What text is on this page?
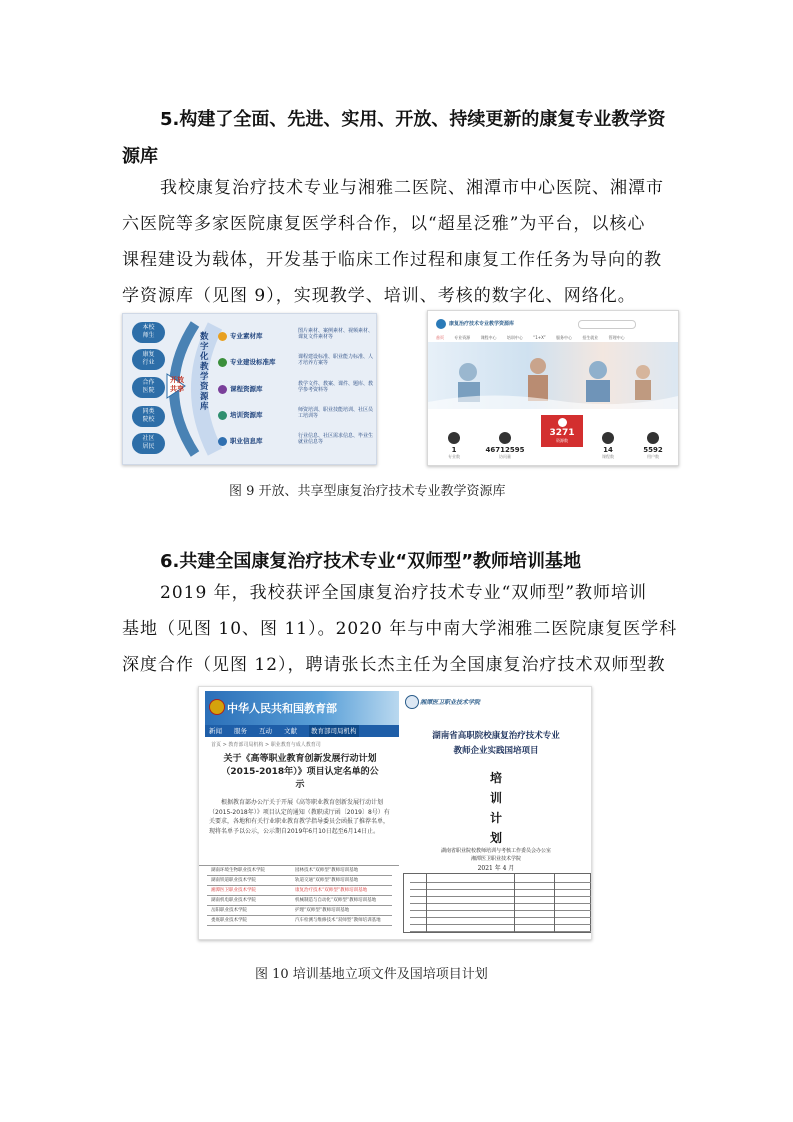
5.构建了全面、先进、实用、开放、持续更新的康复专业教学资
源库
我校康复治疗技术专业与湘雅二医院、湘潭市中心医院、湘潭市
六医院等多家医院康复医学科合作，以“超星泛雅”为平台，以核心
课程建设为载体，开发基于临床工作过程和康复工作任务为导向的教
学资源库（见图 9），实现教学、培训、考核的数字化、网络化。
本校
师生
康复
行业
合作
医院
同类
院校
社区
居民
开放
共享
数字化教学资源库
专业素材库
专业建设标准库
课程资源库
培训资源库
职业信息库
图片素材、案例素材、视频素材、课复文件素材等
课程建设标准、职业能力标准、人才培养方案等
教学文件、教案、课件、题库、教学参考资料等
师资培训、职业技能培训、社区员工培训等
行业信息、社区需求信息、毕业生就业信息等
康复治疗技术专业教学资源库
首页	专业资源	课程中心	培训中心	“1+X”	服务中心	招生就业	管理中心
1
专业数
46712595
访问量
3271
资源数
14
课程数
5592
用户数
图 9 开放、共享型康复治疗技术专业教学资源库
6.共建全国康复治疗技术专业“双师型”教师培训基地
2019 年，我校获评全国康复治疗技术专业“双师型”教师培训
基地（见图 10、图 11）。2020 年与中南大学湘雅二医院康复医学科
深度合作（见图 12），聘请张长杰主任为全国康复治疗技术双师型教
中华人民共和国教育部
新闻 服务 互动 文献 教育部司局机构
首页 > 教育部司局机构 > 职业教育与成人教育司
关于《高等职业教育创新发展行动计划（2015-2018年）》项目认定名单的公示
根据教育部办公厅关于开展《高等职业教育创新发展行动计划（2015-2018年）》项目认定的通知（教职成厅函〔2019〕8号）有关要求，各地和有关行业职业教育教学指导委员会函报了推荐名单，现将名单予以公示，公示期自2019年6月10日起至6月14日止。
湖南环境生物职业技术学院	园林技术“双师型”教师培训基地
湖南铁道职业技术学院	轨道交通“双师型”教师培训基地
湘潭医卫职业技术学院	康复治疗技术“双师型”教师培训基地
湖南机电职业技术学院	机械制造与自动化“双师型”教师培训基地
岳阳职业技术学院	护理“双师型”教师培训基地
娄底职业技术学院	汽车检测与维修技术“双师型”教师培训基地
湘潭医卫职业技术学院
湖南省高职院校康复治疗技术专业
教师企业实践国培项目
培
训
计
划
湖南省职业院校教师培训与考核工作委员会办公室
湘潭医卫职业技术学院
2021 年 4 月
图 10 培训基地立项文件及国培项目计划
